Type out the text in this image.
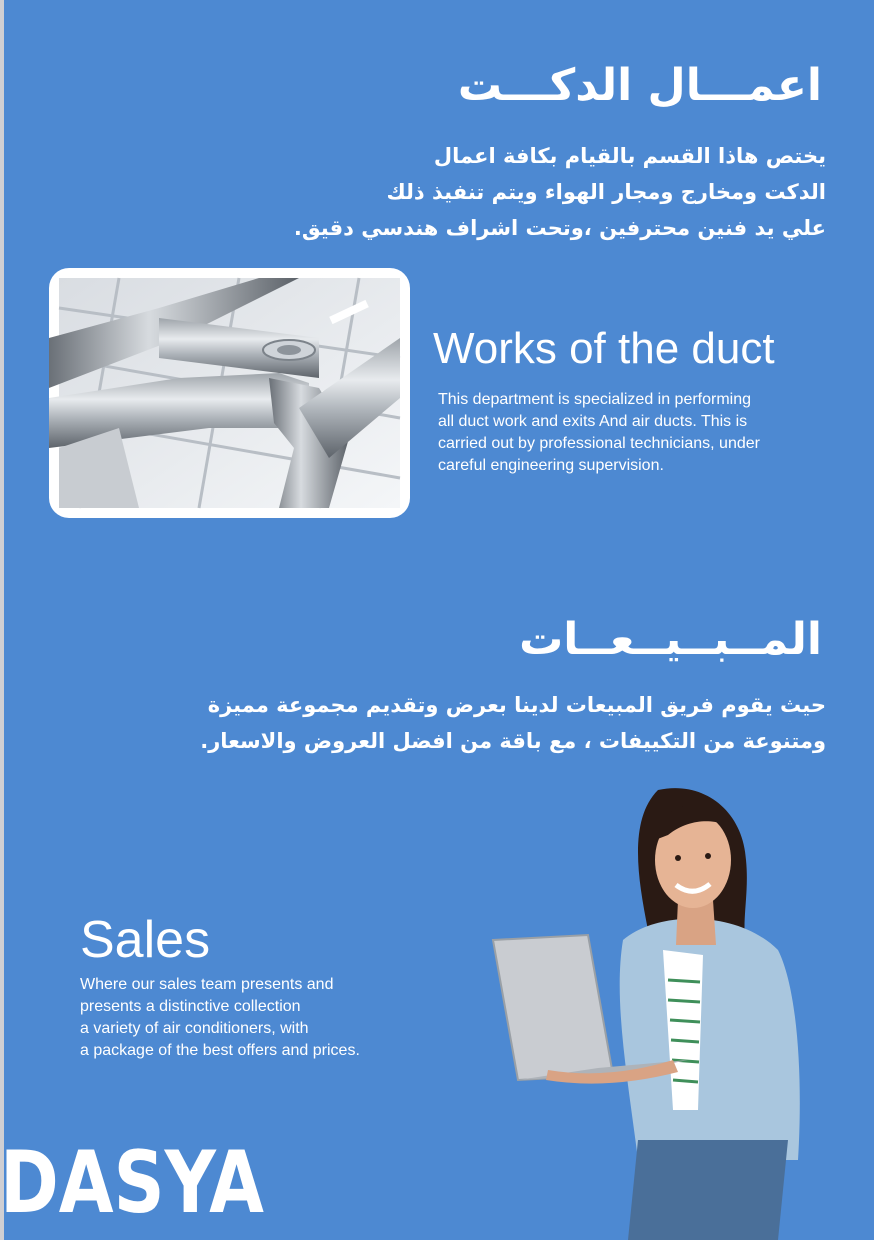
اعمـــال الدكـــت
يختص هاذا القسم بالقيام بكافة اعمال
الدكت ومخارج ومجار الهواء ويتم تنفيذ ذلك
علي يد فنين محترفين ،وتحت اشراف هندسي دقيق.
Works of the duct
This department is specialized in performing
all duct work and exits And air ducts. This is
carried out by professional technicians, under
careful engineering supervision.
المــبــيــعــات
حيث يقوم فريق المبيعات لدينا بعرض وتقديم مجموعة مميزة
ومتنوعة من التكييفات ، مع باقة من افضل العروض والاسعار.
Sales
Where our sales team presents and
presents a distinctive collection
a variety of air conditioners, with
a package of the best offers and prices.
DASYA
